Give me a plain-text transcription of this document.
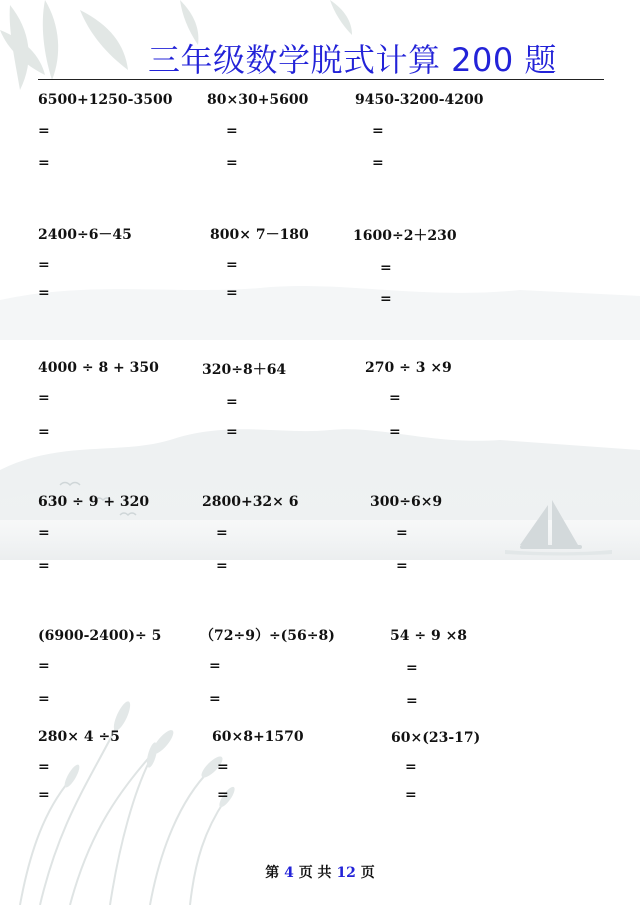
三年级数学脱式计算 200 题
6500+1250-3500
=
=
80×30+5600
=
=
9450-3200-4200
=
=
2400÷6－45
=
=
800× 7－180
=
=
1600÷2＋230
=
=
4000 ÷ 8 + 350
=
=
320÷8＋64
=
=
270 ÷ 3 ×9
=
=
630 ÷ 9 + 320
=
=
2800+32× 6
=
=
300÷6×9
=
=
(6900-2400)÷ 5
=
=
（72÷9）÷(56÷8)
=
=
54 ÷ 9 ×8
=
=
280× 4 ÷5
=
=
60×8+1570
=
=
60×(23-17)
=
=
第 4 页 共 12 页
